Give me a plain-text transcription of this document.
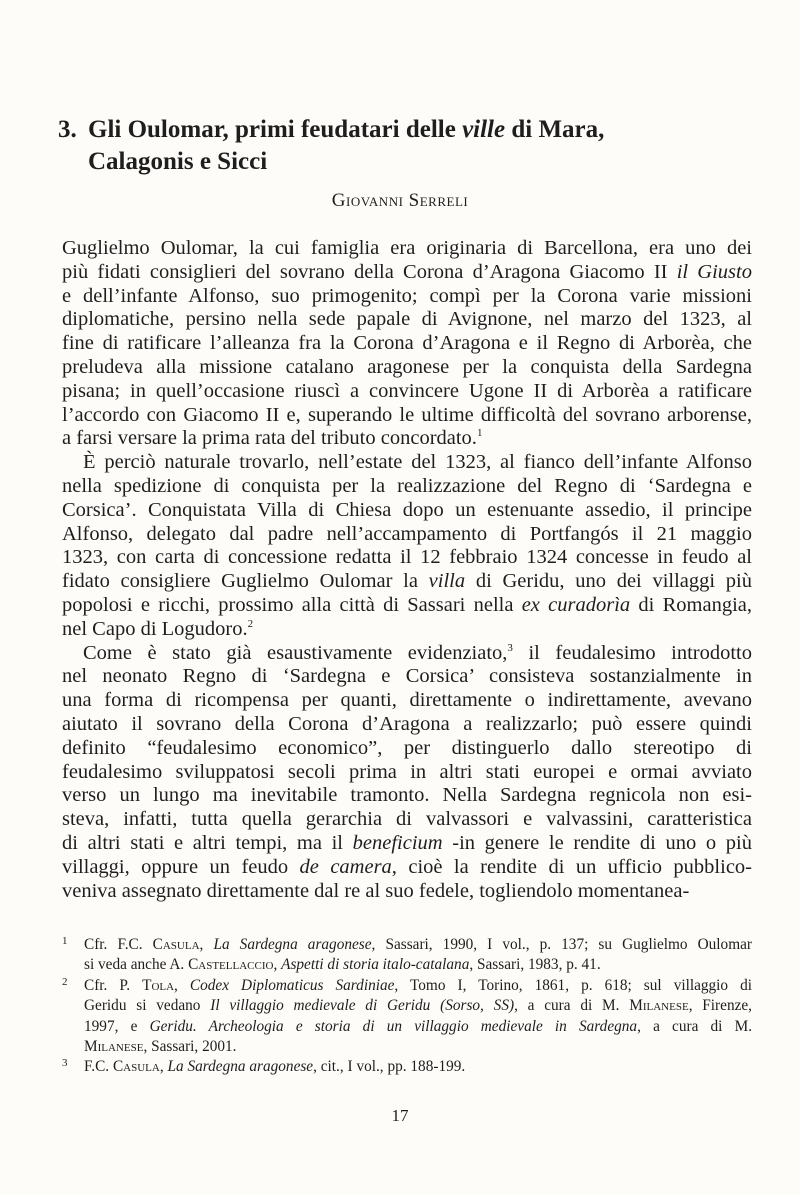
3. Gli Oulomar, primi feudatari delle ville di Mara,
Calagonis e Sicci
Giovanni Serreli
Guglielmo Oulomar, la cui famiglia era originaria di Barcellona, era uno dei
più fidati consiglieri del sovrano della Corona d’Aragona Giacomo II il Giusto
e dell’infante Alfonso, suo primogenito; compì per la Corona varie missioni
diplomatiche, persino nella sede papale di Avignone, nel marzo del 1323, al
fine di ratificare l’alleanza fra la Corona d’Aragona e il Regno di Arborèa, che
preludeva alla missione catalano aragonese per la conquista della Sardegna
pisana; in quell’occasione riuscì a convincere Ugone II di Arborèa a ratificare
l’accordo con Giacomo II e, superando le ultime difficoltà del sovrano arborense,
a farsi versare la prima rata del tributo concordato.$^1$
È perciò naturale trovarlo, nell’estate del 1323, al fianco dell’infante Alfonso
nella spedizione di conquista per la realizzazione del Regno di ‘Sardegna e
Corsica’. Conquistata Villa di Chiesa dopo un estenuante assedio, il principe
Alfonso, delegato dal padre nell’accampamento di Portfangós il 21 maggio
1323, con carta di concessione redatta il 12 febbraio 1324 concesse in feudo al
fidato consigliere Guglielmo Oulomar la villa di Geridu, uno dei villaggi più
popolosi e ricchi, prossimo alla città di Sassari nella ex curadorìa di Romangia,
nel Capo di Logudoro.$^2$
Come è stato già esaustivamente evidenziato,$^3$ il feudalesimo introdotto
nel neonato Regno di ‘Sardegna e Corsica’ consisteva sostanzialmente in
una forma di ricompensa per quanti, direttamente o indirettamente, avevano
aiutato il sovrano della Corona d’Aragona a realizzarlo; può essere quindi
definito “feudalesimo economico”, per distinguerlo dallo stereotipo di
feudalesimo sviluppatosi secoli prima in altri stati europei e ormai avviato
verso un lungo ma inevitabile tramonto. Nella Sardegna regnicola non esi-
steva, infatti, tutta quella gerarchia di valvassori e valvassini, caratteristica
di altri stati e altri tempi, ma il beneficium -in genere le rendite di uno o più
villaggi, oppure un feudo de camera, cioè la rendite di un ufficio pubblico-
veniva assegnato direttamente dal re al suo fedele, togliendolo momentanea-
1 Cfr. F.C. Casula, La Sardegna aragonese, Sassari, 1990, I vol., p. 137; su Guglielmo Oulomar
si veda anche A. Castellaccio, Aspetti di storia italo-catalana, Sassari, 1983, p. 41.
2 Cfr. P. Tola, Codex Diplomaticus Sardiniae, Tomo I, Torino, 1861, p. 618; sul villaggio di
Geridu si vedano Il villaggio medievale di Geridu (Sorso, SS), a cura di M. Milanese, Firenze,
1997, e Geridu. Archeologia e storia di un villaggio medievale in Sardegna, a cura di M.
Milanese, Sassari, 2001.
3 F.C. Casula, La Sardegna aragonese, cit., I vol., pp. 188-199.
17
